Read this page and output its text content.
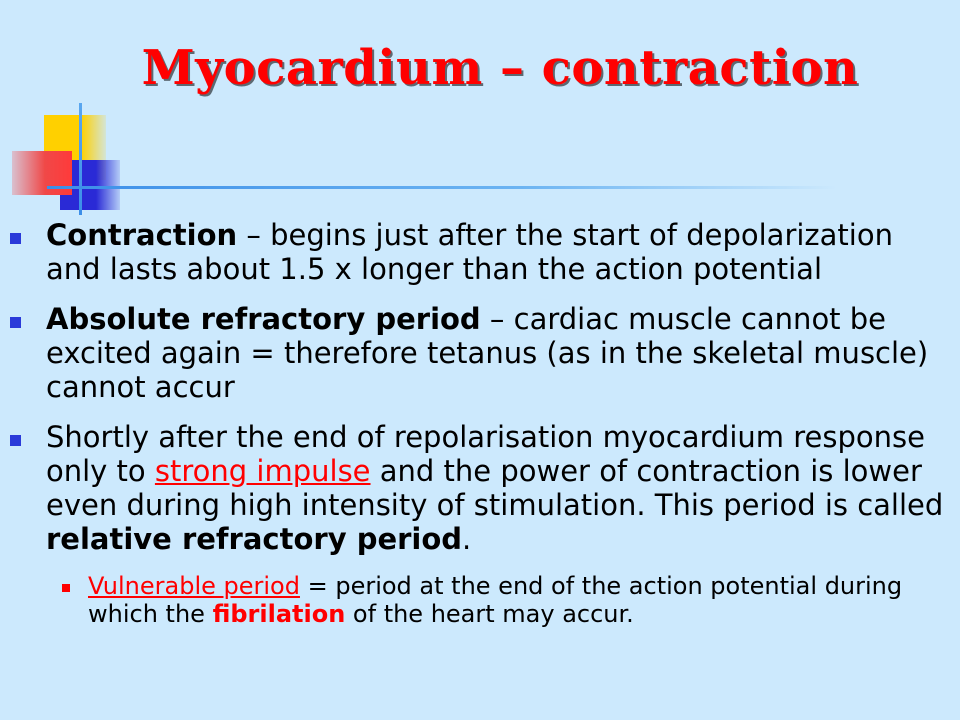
Myocardium – contraction
Contraction – begins just after the start of depolarization and lasts about 1.5 x longer than the action potential
Absolute refractory period – cardiac muscle cannot be excited again = therefore tetanus (as in the skeletal muscle) cannot accur
Shortly after the end of repolarisation myocardium response only to strong impulse and the power of contraction is lower even during high intensity of stimulation. This period is called relative refractory period.
Vulnerable period = period at the end of the action potential during which the fibrilation of the heart may accur.
